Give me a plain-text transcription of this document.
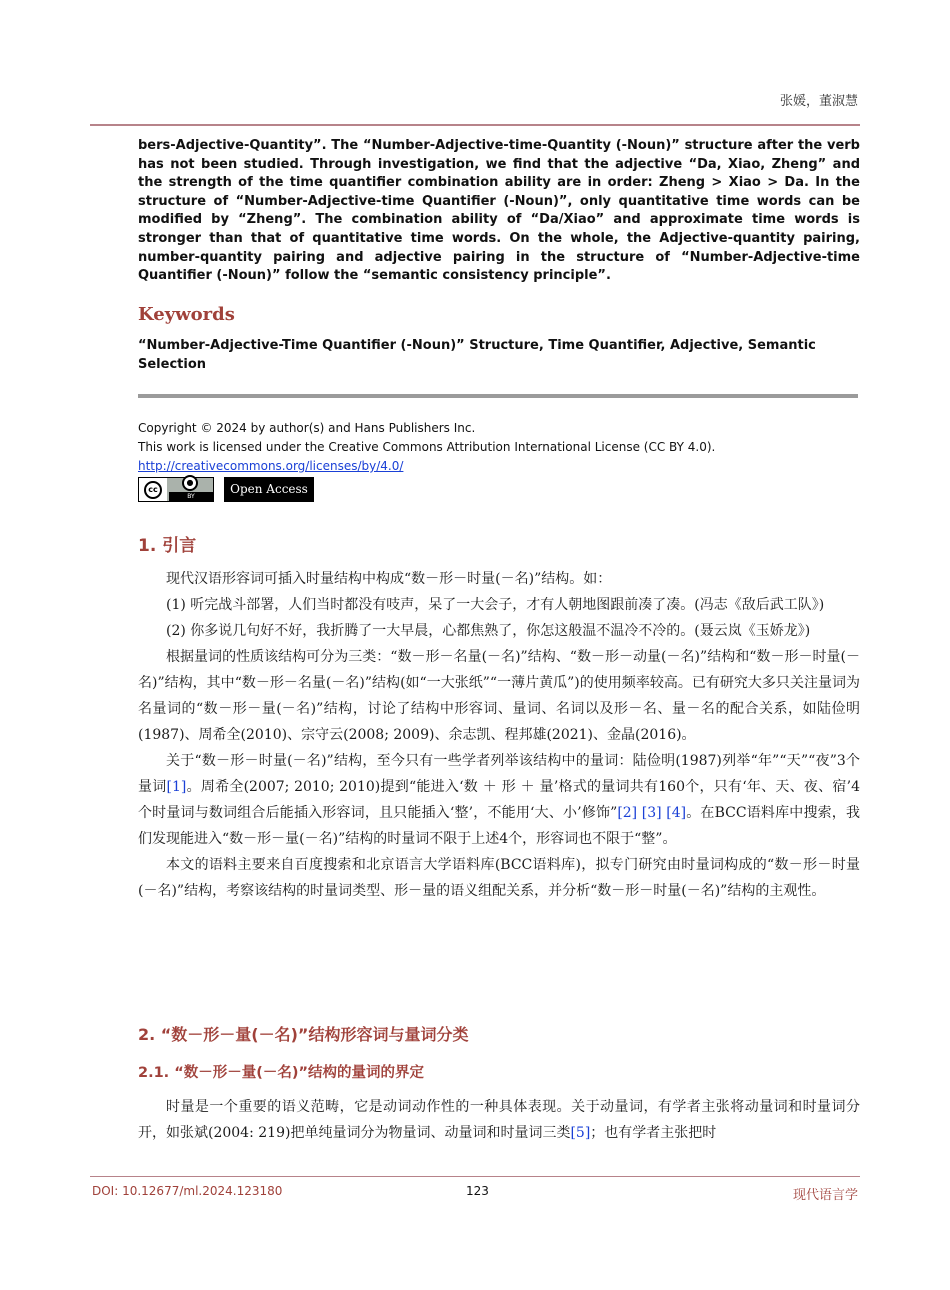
张媛，董淑慧

bers-Adjective-Quantity”. The “Number-Adjective-time-Quantity (-Noun)” structure after the verb has not been studied. Through investigation, we find that the adjective “Da, Xiao, Zheng” and the strength of the time quantifier combination ability are in order: Zheng > Xiao > Da. In the structure of “Number-Adjective-time Quantifier (-Noun)”, only quantitative time words can be modified by “Zheng”. The combination ability of “Da/Xiao” and approximate time words is stronger than that of quantitative time words. On the whole, the Adjective-quantity pairing, number-quantity pairing and adjective pairing in the structure of “Number-Adjective-time Quantifier (-Noun)” follow the “semantic consistency principle”.

Keywords

“Number-Adjective-Time Quantifier (-Noun)” Structure, Time Quantifier, Adjective, Semantic Selection

Copyright © 2024 by author(s) and Hans Publishers Inc.
This work is licensed under the Creative Commons Attribution International License (CC BY 4.0).
http://creativecommons.org/licenses/by/4.0/
cc
●
BY
Open Access
1. 引言

现代汉语形容词可插入时量结构中构成“数－形－时量(－名)”结构。如：

(1) 听完战斗部署，人们当时都没有吱声，呆了一大会子，才有人朝地图跟前凑了凑。(冯志《敌后武工队》)

(2) 你多说几句好不好，我折腾了一大早晨，心都焦熟了，你怎这般温不温冷不冷的。(聂云岚《玉娇龙》)

根据量词的性质该结构可分为三类：“数－形－名量(－名)”结构、“数－形－动量(－名)”结构和“数－形－时量(－名)”结构，其中“数－形－名量(－名)”结构(如“一大张纸”“一薄片黄瓜”)的使用频率较高。已有研究大多只关注量词为名量词的“数－形－量(－名)”结构，讨论了结构中形容词、量词、名词以及形－名、量－名的配合关系，如陆俭明(1987)、周希全(2010)、宗守云(2008; 2009)、余志凯、程邦雄(2021)、金晶(2016)。

关于“数－形－时量(－名)”结构，至今只有一些学者列举该结构中的量词：陆俭明(1987)列举“年”“天”“夜”3个量词[1]。周希全(2007; 2010; 2010)提到“能进入‘数 ＋ 形 ＋ 量’格式的量词共有160个，只有‘年、天、夜、宿’4个时量词与数词组合后能插入形容词，且只能插入‘整’，不能用‘大、小’修饰”[2] [3] [4]。在BCC语料库中搜索，我们发现能进入“数－形－量(－名)”结构的时量词不限于上述4个，形容词也不限于“整”。

本文的语料主要来自百度搜索和北京语言大学语料库(BCC语料库)，拟专门研究由时量词构成的“数－形－时量(－名)”结构，考察该结构的时量词类型、形－量的语义组配关系，并分析“数－形－时量(－名)”结构的主观性。

2. “数－形－量(－名)”结构形容词与量词分类
2.1. “数－形－量(－名)”结构的量词的界定

时量是一个重要的语义范畴，它是动词动作性的一种具体表现。关于动量词，有学者主张将动量词和时量词分开，如张斌(2004: 219)把单纯量词分为物量词、动量词和时量词三类[5]；也有学者主张把时

DOI: 10.12677/ml.2024.123180	123	现代语言学
